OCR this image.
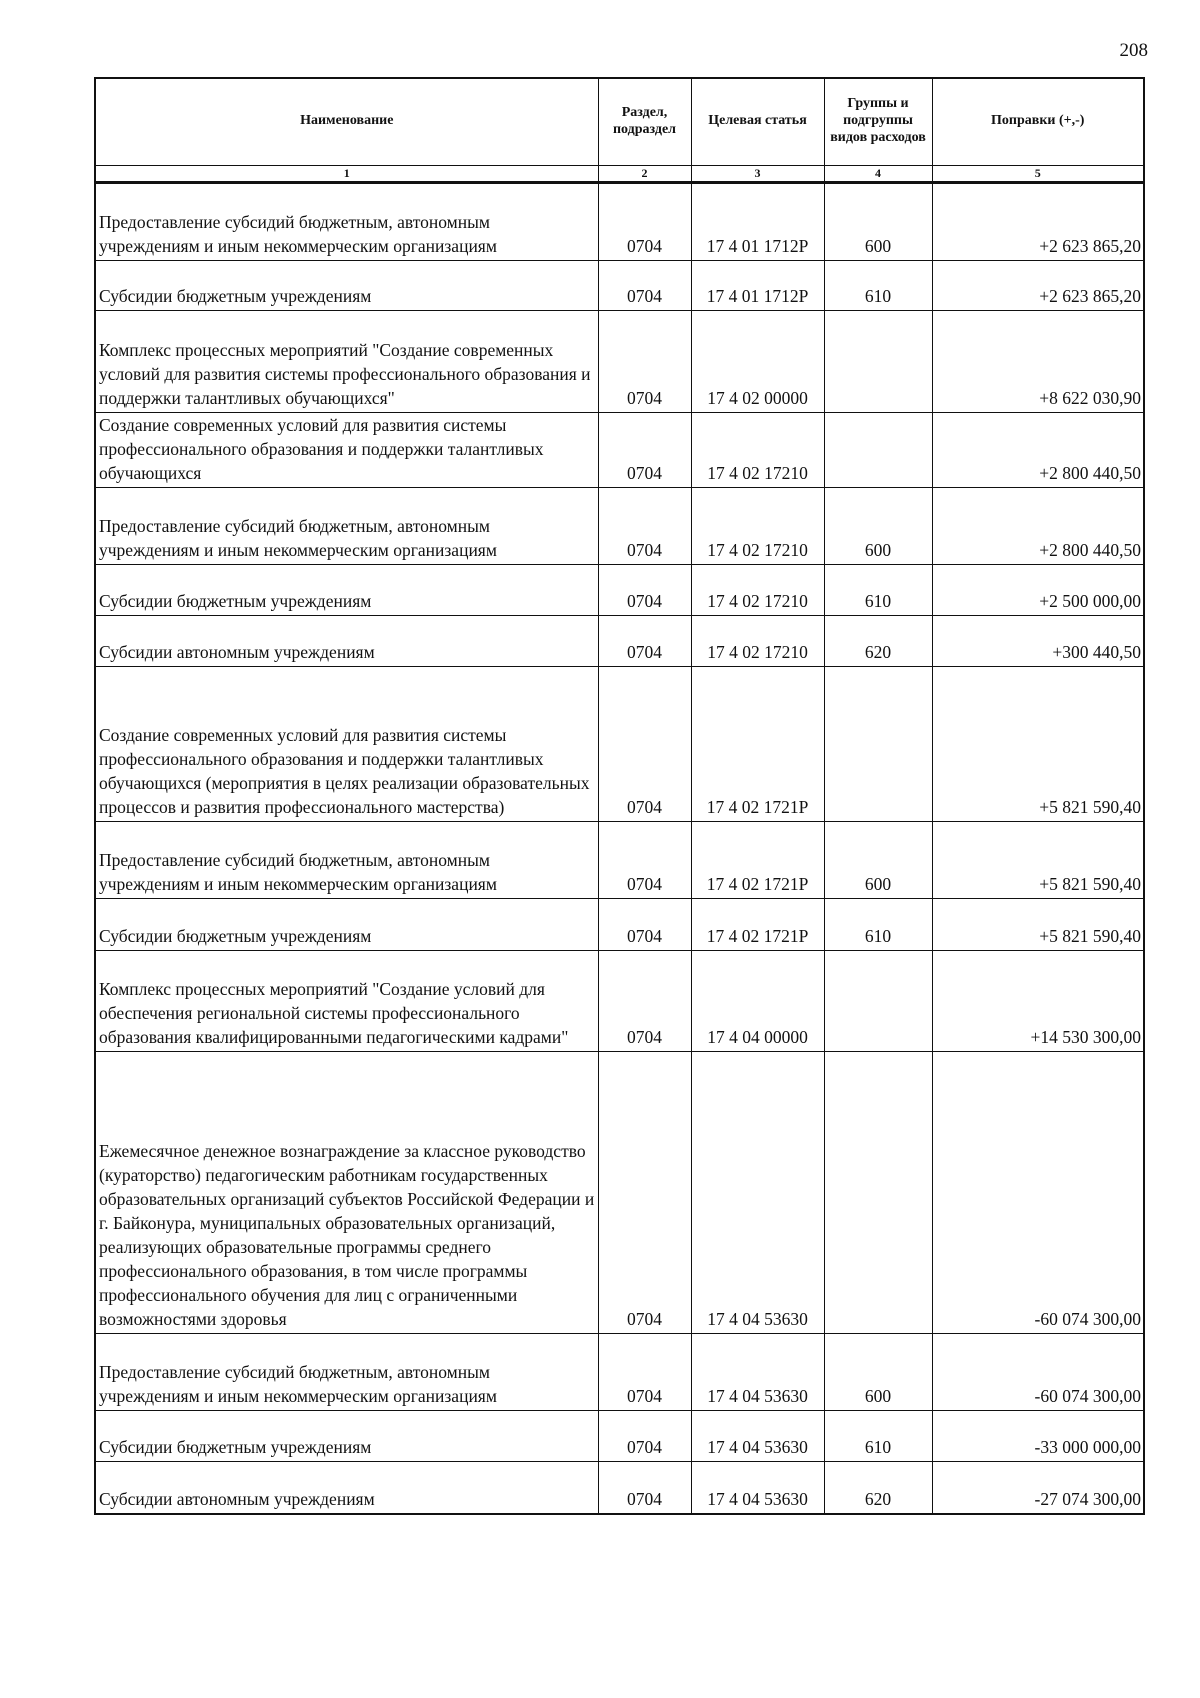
208
Наименование	Раздел, подраздел	Целевая статья	Группы и подгруппы видов расходов	Поправки (+,-)
1	2	3	4	5
Предоставление субсидий бюджетным, автономным учреждениям и иным некоммерческим организациям	0704	17 4 01 1712Р	600	+2 623 865,20
Субсидии бюджетным учреждениям	0704	17 4 01 1712Р	610	+2 623 865,20
Комплекс процессных мероприятий "Создание современных условий для развития системы профессионального образования и поддержки талантливых обучающихся"	0704	17 4 02 00000		+8 622 030,90
Создание современных условий для развития системы профессионального образования и поддержки талантливых обучающихся	0704	17 4 02 17210		+2 800 440,50
Предоставление субсидий бюджетным, автономным учреждениям и иным некоммерческим организациям	0704	17 4 02 17210	600	+2 800 440,50
Субсидии бюджетным учреждениям	0704	17 4 02 17210	610	+2 500 000,00
Субсидии автономным учреждениям	0704	17 4 02 17210	620	+300 440,50
Создание современных условий для развития системы профессионального образования и поддержки талантливых обучающихся (мероприятия в целях реализации образовательных процессов и развития профессионального мастерства)	0704	17 4 02 1721Р		+5 821 590,40
Предоставление субсидий бюджетным, автономным учреждениям и иным некоммерческим организациям	0704	17 4 02 1721Р	600	+5 821 590,40
Субсидии бюджетным учреждениям	0704	17 4 02 1721Р	610	+5 821 590,40
Комплекс процессных мероприятий "Создание условий для обеспечения региональной системы профессионального образования квалифицированными педагогическими кадрами"	0704	17 4 04 00000		+14 530 300,00
Ежемесячное денежное вознаграждение за классное руководство (кураторство) педагогическим работникам государственных образовательных организаций субъектов Российской Федерации и г. Байконура, муниципальных образовательных организаций, реализующих образовательные программы среднего профессионального образования, в том числе программы профессионального обучения для лиц с ограниченными возможностями здоровья	0704	17 4 04 53630		-60 074 300,00
Предоставление субсидий бюджетным, автономным учреждениям и иным некоммерческим организациям	0704	17 4 04 53630	600	-60 074 300,00
Субсидии бюджетным учреждениям	0704	17 4 04 53630	610	-33 000 000,00
Субсидии автономным учреждениям	0704	17 4 04 53630	620	-27 074 300,00
